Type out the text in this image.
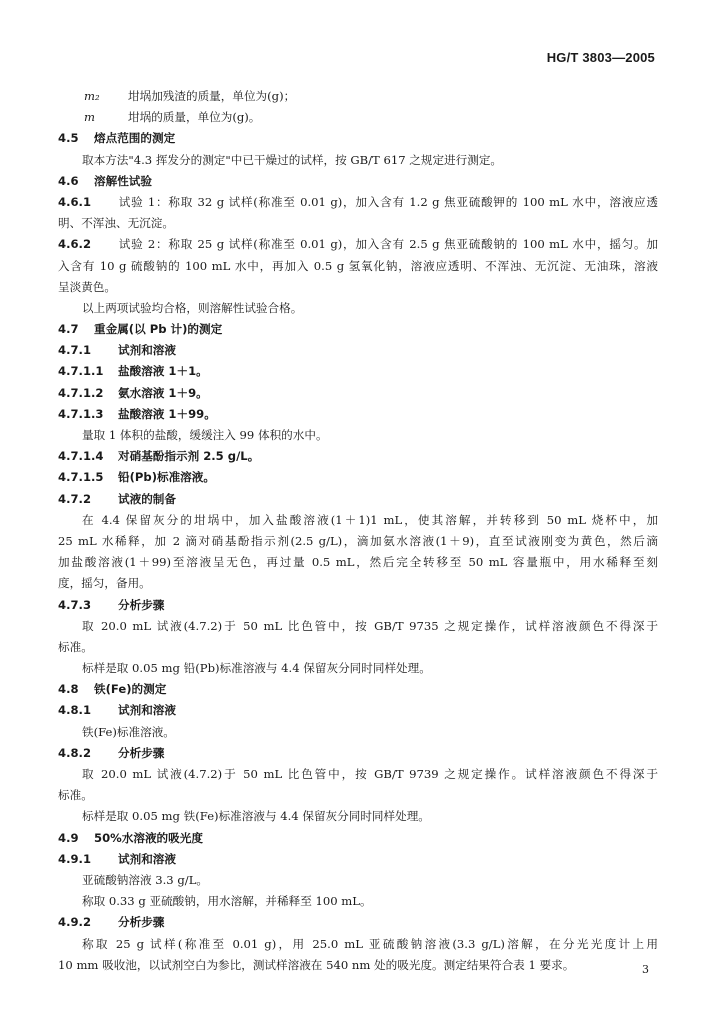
HG/T 3803—2005
m₂ 坩埚加残渣的质量，单位为(g)；
m	坩埚的质量，单位为(g)。
4.5 熔点范围的测定
取本方法"4.3 挥发分的测定"中已干燥过的试样，按 GB/T 617 之规定进行测定。
4.6 溶解性试验
4.6.1 试验 1：称取 32 g 试样(称准至 0.01 g)，加入含有 1.2 g 焦亚硫酸钾的 100 mL 水中，溶液应透
明、不浑浊、无沉淀。
4.6.2 试验 2：称取 25 g 试样(称准至 0.01 g)，加入含有 2.5 g 焦亚硫酸钠的 100 mL 水中，摇匀。加
入含有 10 g 硫酸钠的 100 mL 水中，再加入 0.5 g 氢氧化钠，溶液应透明、不浑浊、无沉淀、无油珠，溶液
呈淡黄色。
以上两项试验均合格，则溶解性试验合格。
4.7 重金属(以 Pb 计)的测定
4.7.1 试剂和溶液
4.7.1.1 盐酸溶液 1＋1。
4.7.1.2 氨水溶液 1＋9。
4.7.1.3 盐酸溶液 1＋99。
量取 1 体积的盐酸，缓缓注入 99 体积的水中。
4.7.1.4 对硝基酚指示剂 2.5 g/L。
4.7.1.5 铅(Pb)标准溶液。
4.7.2 试液的制备
在 4.4 保留灰分的坩埚中，加入盐酸溶液(1＋1)1 mL，使其溶解，并转移到 50 mL 烧杯中，加
25 mL 水稀释，加 2 滴对硝基酚指示剂(2.5 g/L)，滴加氨水溶液(1＋9)，直至试液刚变为黄色，然后滴
加盐酸溶液(1＋99)至溶液呈无色，再过量 0.5 mL，然后完全转移至 50 mL 容量瓶中，用水稀释至刻
度，摇匀，备用。
4.7.3 分析步骤
取 20.0 mL 试液(4.7.2)于 50 mL 比色管中，按 GB/T 9735 之规定操作，试样溶液颜色不得深于
标准。
标样是取 0.05 mg 铅(Pb)标准溶液与 4.4 保留灰分同时同样处理。
4.8 铁(Fe)的测定
4.8.1 试剂和溶液
铁(Fe)标准溶液。
4.8.2 分析步骤
取 20.0 mL 试液(4.7.2)于 50 mL 比色管中，按 GB/T 9739 之规定操作。试样溶液颜色不得深于
标准。
标样是取 0.05 mg 铁(Fe)标准溶液与 4.4 保留灰分同时同样处理。
4.9 50%水溶液的吸光度
4.9.1 试剂和溶液
亚硫酸钠溶液 3.3 g/L。
称取 0.33 g 亚硫酸钠，用水溶解，并稀释至 100 mL。
4.9.2 分析步骤
称取 25 g 试样(称准至 0.01 g)，用 25.0 mL 亚硫酸钠溶液(3.3 g/L)溶解，在分光光度计上用
10 mm 吸收池，以试剂空白为参比，测试样溶液在 540 nm 处的吸光度。测定结果符合表 1 要求。	3
